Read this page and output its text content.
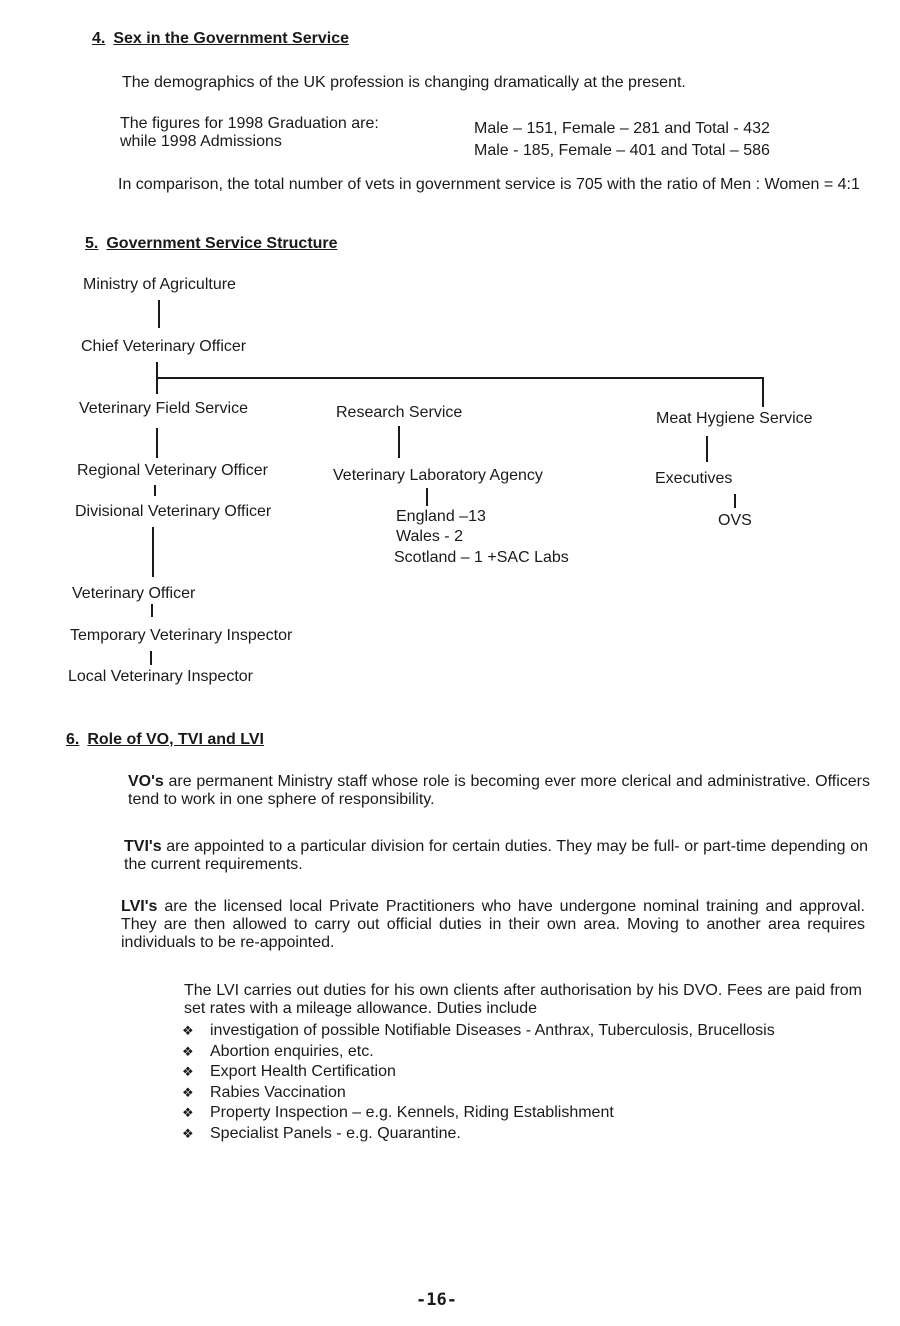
4. Sex in the Government Service
The demographics of the UK profession is changing dramatically at the present.
The figures for 1998 Graduation are:
while 1998 Admissions
Male – 151, Female – 281 and Total - 432
Male - 185, Female – 401 and Total – 586
In comparison, the total number of vets in government service is 705 with the ratio of Men : Women = 4:1
5. Government Service Structure
Ministry of Agriculture
Chief Veterinary Officer
Veterinary Field Service	Research Service	Meat Hygiene Service
Regional Veterinary Officer	Veterinary Laboratory Agency	Executives
Divisional Veterinary Officer	England –13
Wales - 2
Scotland – 1 +SAC Labs
OVS
Veterinary Officer
Temporary Veterinary Inspector
Local Veterinary Inspector
6. Role of VO, TVI and LVI
VO's are permanent Ministry staff whose role is becoming ever more clerical and administrative. Officers tend to work in one sphere of responsibility.
TVI's are appointed to a particular division for certain duties. They may be full- or part-time depending on the current requirements.
LVI's are the licensed local Private Practitioners who have undergone nominal training and approval. They are then allowed to carry out official duties in their own area. Moving to another area requires individuals to be re-appointed.
The LVI carries out duties for his own clients after authorisation by his DVO. Fees are paid from set rates with a mileage allowance. Duties include
❖ investigation of possible Notifiable Diseases - Anthrax, Tuberculosis, Brucellosis
❖ Abortion enquiries, etc.
❖ Export Health Certification
❖ Rabies Vaccination
❖ Property Inspection – e.g. Kennels, Riding Establishment
❖ Specialist Panels - e.g. Quarantine.
-16-
